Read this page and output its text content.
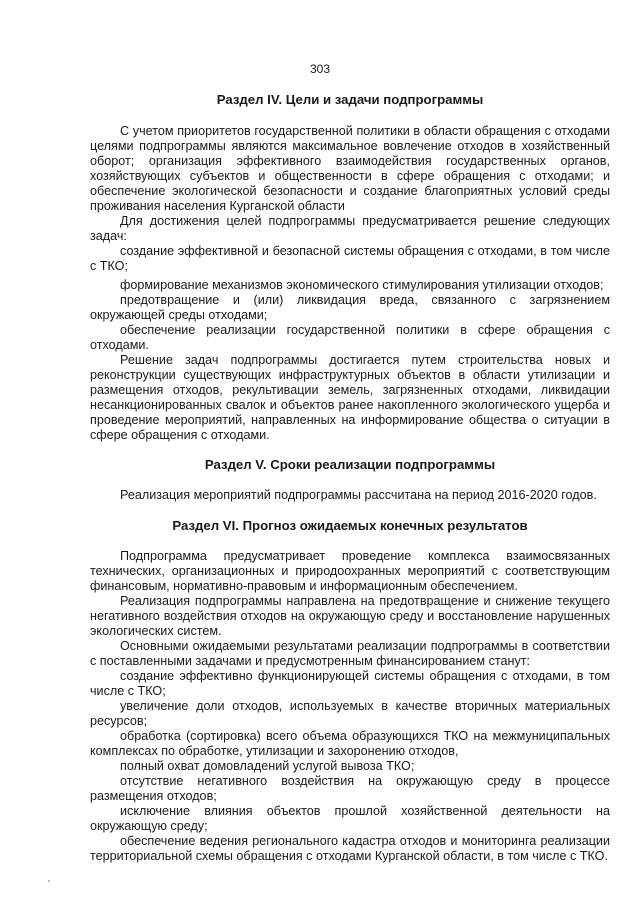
303
Раздел IV. Цели и задачи подпрограммы

С учетом приоритетов государственной политики в области обращения с отходами целями подпрограммы являются максимальное вовлечение отходов в хозяйственный оборот; организация эффективного взаимодействия государственных органов, хозяйствующих субъектов и общественности в сфере обращения с отходами; и обеспечение экологической безопасности и создание благоприятных условий среды проживания населения Курганской области

Для достижения целей подпрограммы предусматривается решение следующих задач:

создание эффективной и безопасной системы обращения с отходами, в том числе с ТКО;

формирование механизмов экономического стимулирования утилизации отходов;

предотвращение и (или) ликвидация вреда, связанного с загрязнением окружающей среды отходами;

обеспечение реализации государственной политики в сфере обращения с отходами.

Решение задач подпрограммы достигается путем строительства новых и реконструкции существующих инфраструктурных объектов в области утилизации и размещения отходов, рекультивации земель, загрязненных отходами, ликвидации несанкционированных свалок и объектов ранее накопленного экологического ущерба и проведение мероприятий, направленных на информирование общества о ситуации в сфере обращения с отходами.

Раздел V. Сроки реализации подпрограммы

Реализация мероприятий подпрограммы рассчитана на период 2016-2020 годов.

Раздел VI. Прогноз ожидаемых конечных результатов

Подпрограмма предусматривает проведение комплекса взаимосвязанных технических, организационных и природоохранных мероприятий с соответствующим финансовым, нормативно-правовым и информационным обеспечением.

Реализация подпрограммы направлена на предотвращение и снижение текущего негативного воздействия отходов на окружающую среду и восстановление нарушенных экологических систем.

Основными ожидаемыми результатами реализации подпрограммы в соответствии с поставленными задачами и предусмотренным финансированием станут:

создание эффективно функционирующей системы обращения с отходами, в том числе с ТКО;

увеличение доли отходов, используемых в качестве вторичных материальных ресурсов;

обработка (сортировка) всего объема образующихся ТКО на межмуниципальных комплексах по обработке, утилизации и захоронению отходов,

полный охват домовладений услугой вывоза ТКО;

отсутствие негативного воздействия на окружающую среду в процессе размещения отходов;

исключение влияния объектов прошлой хозяйственной деятельности на окружающую среду;

обеспечение ведения регионального кадастра отходов и мониторинга реализации территориальной схемы обращения с отходами Курганской области, в том числе с ТКО.
